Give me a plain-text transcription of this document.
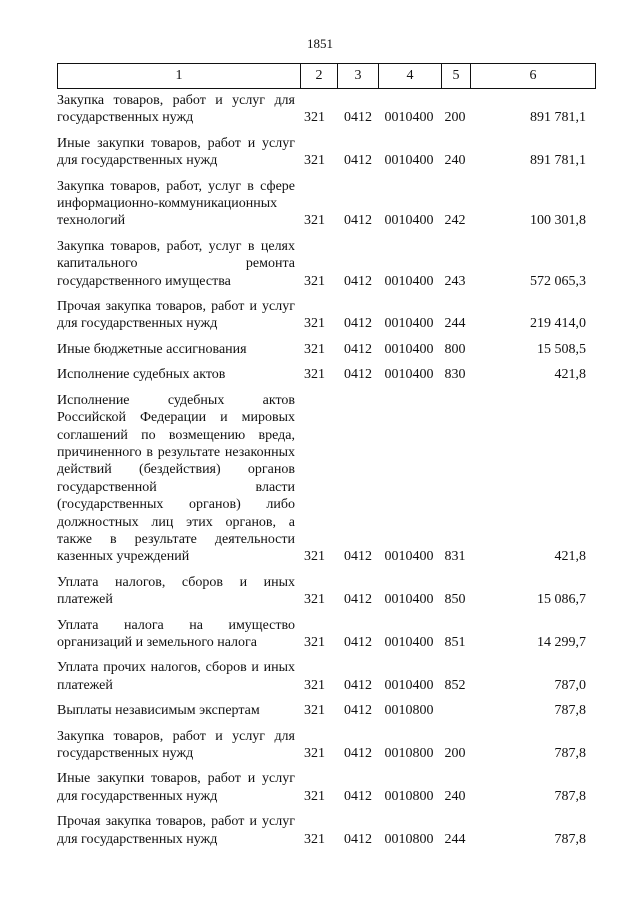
1851
1	2	3	4	5	6
Закупка товаров, работ и услуг для государственных нужд	321	0412 0010400 200	891 781,1
Иные закупки товаров, работ и услуг для государственных нужд	321	0412 0010400 240	891 781,1
Закупка товаров, работ, услуг в сфере информационно-коммуникационных технологий	321	0412 0010400 242	100 301,8
Закупка товаров, работ, услуг в целях капитального ремонта государственного имущества	321	0412 0010400 243	572 065,3
Прочая закупка товаров, работ и услуг для государственных нужд	321	0412 0010400 244	219 414,0
Иные бюджетные ассигнования	321	0412 0010400 800	15 508,5
Исполнение судебных актов	321	0412 0010400 830	421,8
Исполнение судебных актов Российской Федерации и мировых соглашений по возмещению вреда, причиненного в результате незаконных действий (бездействия) органов государственной власти (государственных органов) либо должностных лиц этих органов, а также в результате деятельности казенных учреждений	321	0412 0010400 831	421,8
Уплата налогов, сборов и иных платежей	321	0412 0010400 850	15 086,7
Уплата налога на имущество организаций и земельного налога	321	0412 0010400 851	14 299,7
Уплата прочих налогов, сборов и иных платежей	321	0412 0010400 852	787,0
Выплаты независимым экспертам	321	0412 0010800	787,8
Закупка товаров, работ и услуг для государственных нужд	321	0412 0010800 200	787,8
Иные закупки товаров, работ и услуг для государственных нужд	321	0412 0010800 240	787,8
Прочая закупка товаров, работ и услуг для государственных нужд	321	0412 0010800 244	787,8
